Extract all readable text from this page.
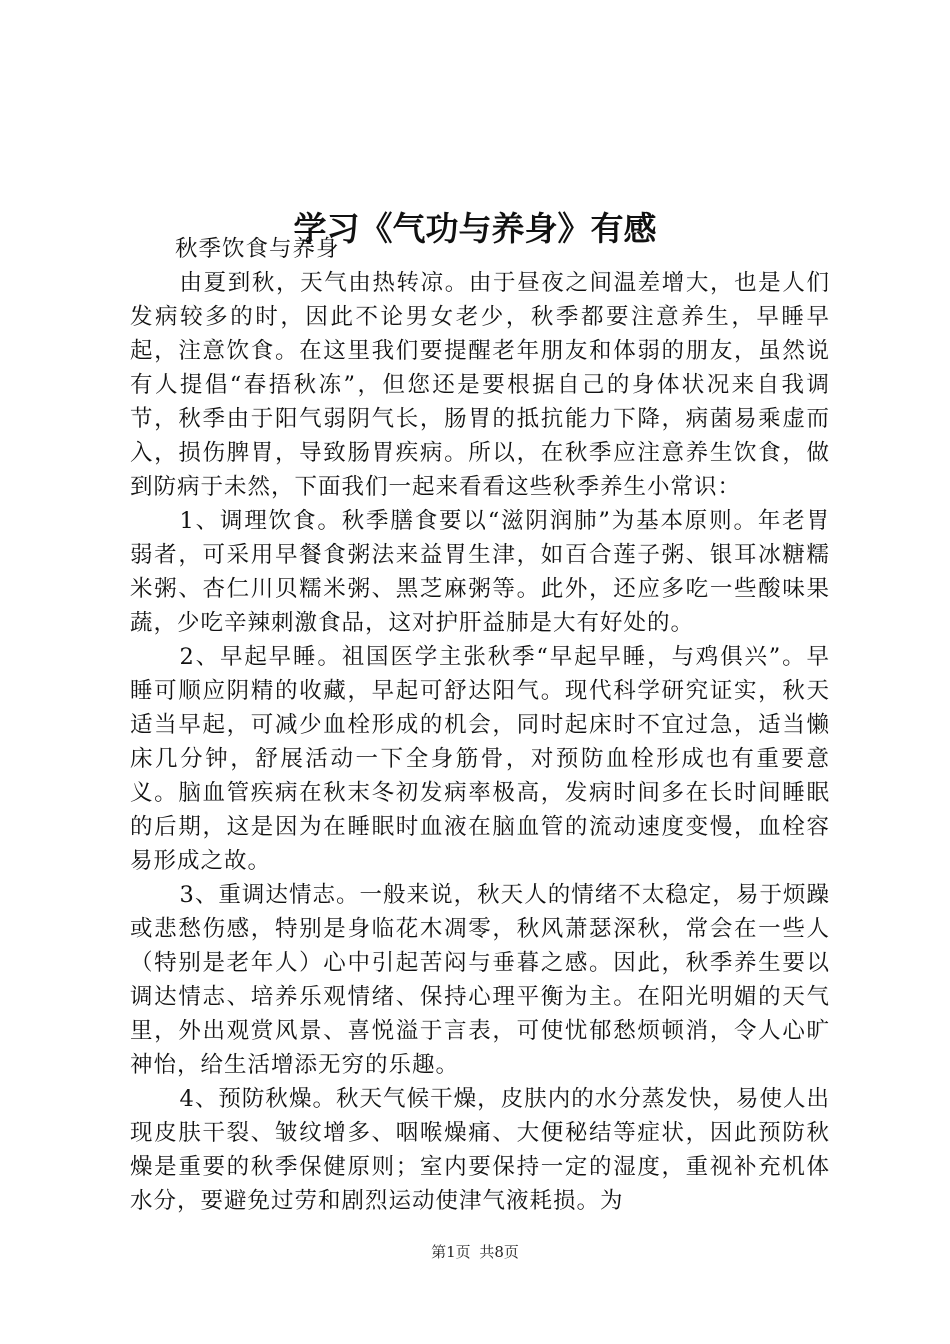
学习《气功与养身》有感

秋季饮食与养身

由夏到秋，天气由热转凉。由于昼夜之间温差增大，也是人们发病较多的时，因此不论男女老少，秋季都要注意养生，早睡早起，注意饮食。在这里我们要提醒老年朋友和体弱的朋友，虽然说有人提倡“春捂秋冻”，但您还是要根据自己的身体状况来自我调节，秋季由于阳气弱阴气长，肠胃的抵抗能力下降，病菌易乘虚而入，损伤脾胃，导致肠胃疾病。所以，在秋季应注意养生饮食，做到防病于未然，下面我们一起来看看这些秋季养生小常识：

1、调理饮食。秋季膳食要以“滋阴润肺”为基本原则。年老胃弱者，可采用早餐食粥法来益胃生津，如百合莲子粥、银耳冰糖糯米粥、杏仁川贝糯米粥、黑芝麻粥等。此外，还应多吃一些酸味果蔬，少吃辛辣刺激食品，这对护肝益肺是大有好处的。

2、早起早睡。祖国医学主张秋季“早起早睡，与鸡俱兴”。早睡可顺应阴精的收藏，早起可舒达阳气。现代科学研究证实，秋天适当早起，可减少血栓形成的机会，同时起床时不宜过急，适当懒床几分钟，舒展活动一下全身筋骨，对预防血栓形成也有重要意义。脑血管疾病在秋末冬初发病率极高，发病时间多在长时间睡眠的后期，这是因为在睡眠时血液在脑血管的流动速度变慢，血栓容易形成之故。

3、重调达情志。一般来说，秋天人的情绪不太稳定，易于烦躁或悲愁伤感，特别是身临花木凋零，秋风萧瑟深秋，常会在一些人（特别是老年人）心中引起苦闷与垂暮之感。因此，秋季养生要以调达情志、培养乐观情绪、保持心理平衡为主。在阳光明媚的天气里，外出观赏风景、喜悦溢于言表，可使忧郁愁烦顿消，令人心旷神怡，给生活增添无穷的乐趣。

4、预防秋燥。秋天气候干燥，皮肤内的水分蒸发快，易使人出现皮肤干裂、皱纹增多、咽喉燥痛、大便秘结等症状，因此预防秋燥是重要的秋季保健原则；室内要保持一定的湿度，重视补充机体水分，要避免过劳和剧烈运动使津气液耗损。为

第1页 共8页
